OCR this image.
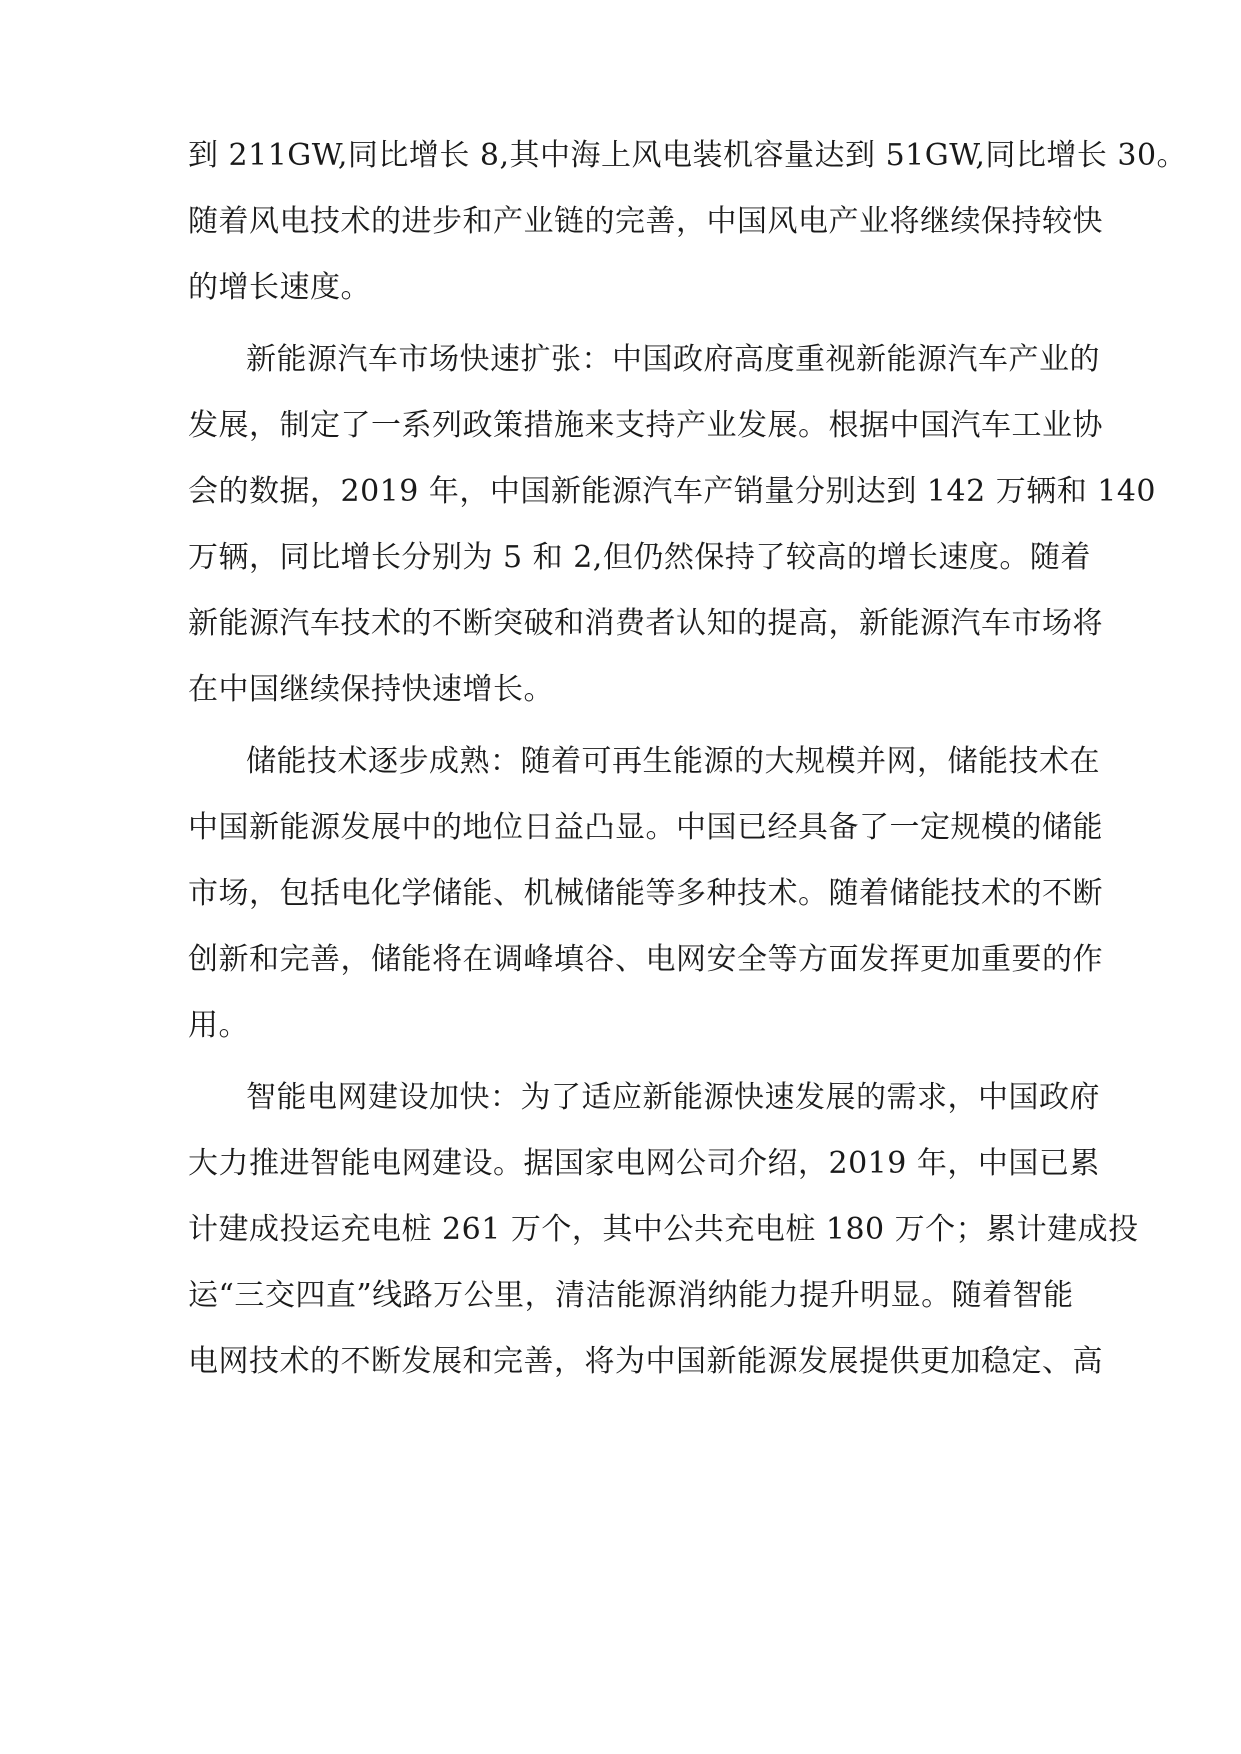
到 211GW,同比增长 8,其中海上风电装机容量达到 51GW,同比增长 30。
随着风电技术的进步和产业链的完善，中国风电产业将继续保持较快
的增长速度。
新能源汽车市场快速扩张：中国政府高度重视新能源汽车产业的
发展，制定了一系列政策措施来支持产业发展。根据中国汽车工业协
会的数据，2019 年，中国新能源汽车产销量分别达到 142 万辆和 140
万辆，同比增长分别为 5 和 2,但仍然保持了较高的增长速度。随着
新能源汽车技术的不断突破和消费者认知的提高，新能源汽车市场将
在中国继续保持快速增长。
储能技术逐步成熟：随着可再生能源的大规模并网，储能技术在
中国新能源发展中的地位日益凸显。中国已经具备了一定规模的储能
市场，包括电化学储能、机械储能等多种技术。随着储能技术的不断
创新和完善，储能将在调峰填谷、电网安全等方面发挥更加重要的作
用。
智能电网建设加快：为了适应新能源快速发展的需求，中国政府
大力推进智能电网建设。据国家电网公司介绍，2019 年，中国已累
计建成投运充电桩 261 万个，其中公共充电桩 180 万个；累计建成投
运“三交四直”线路万公里，清洁能源消纳能力提升明显。随着智能
电网技术的不断发展和完善，将为中国新能源发展提供更加稳定、高
